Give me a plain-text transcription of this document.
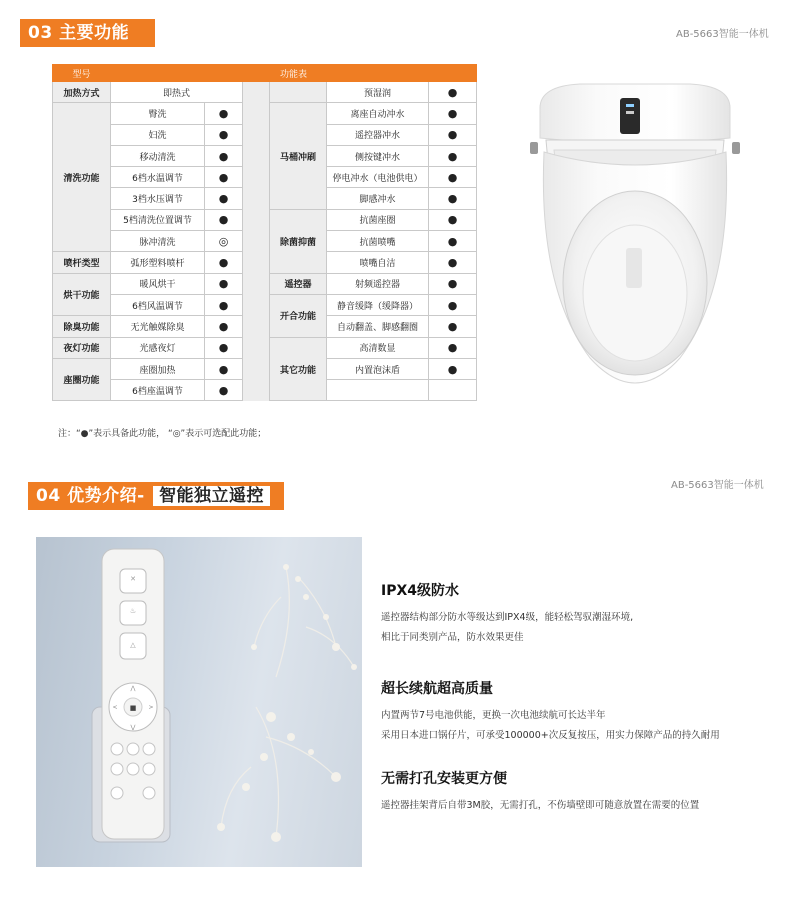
03 主要功能	AB-5663智能一体机
型号	功能表					
加热方式	即热式				预湿润	●
清洗功能	臀洗	●		马桶冲刷	离座自动冲水	●
	妇洗	●			遥控器冲水	●
	移动清洗	●			侧按键冲水	●
	6档水温调节	●			停电冲水（电池供电）	●
	3档水压调节	●			脚感冲水	●
	5档清洗位置调节	●		除菌抑菌	抗菌座圈	●
	脉冲清洗	◎			抗菌喷嘴	●
喷杆类型	弧形塑料喷杆	●			喷嘴自洁	●
烘干功能	暖风烘干	●		遥控器	射频遥控器	●
	6档风温调节	●		开合功能	静音缓降（缓降器）	●
除臭功能	无光触媒除臭	●			自动翻盖、脚感翻圈	●
夜灯功能	光感夜灯	●		其它功能	高清数显	●
座圈功能	座圈加热	●			内置泡沫盾	●
	6档座温调节	●				
注：“●”表示具备此功能， “◎”表示可选配此功能；
04 优势介绍- 智能独立遥控
AB-5663智能一体机
✕
♨
△
■
⋀
⋁
<	>
IPX4级防水
遥控器结构部分防水等级达到IPX4级，能轻松驾驭潮湿环境,
相比于同类别产品，防水效果更佳
超长续航超高质量
内置两节7号电池供能，更换一次电池续航可长达半年
采用日本进口锅仔片，可承受100000+次反复按压，用实力保障产品的持久耐用
无需打孔安装更方便
遥控器挂架背后自带3M胶，无需打孔，不伤墙壁即可随意放置在需要的位置
